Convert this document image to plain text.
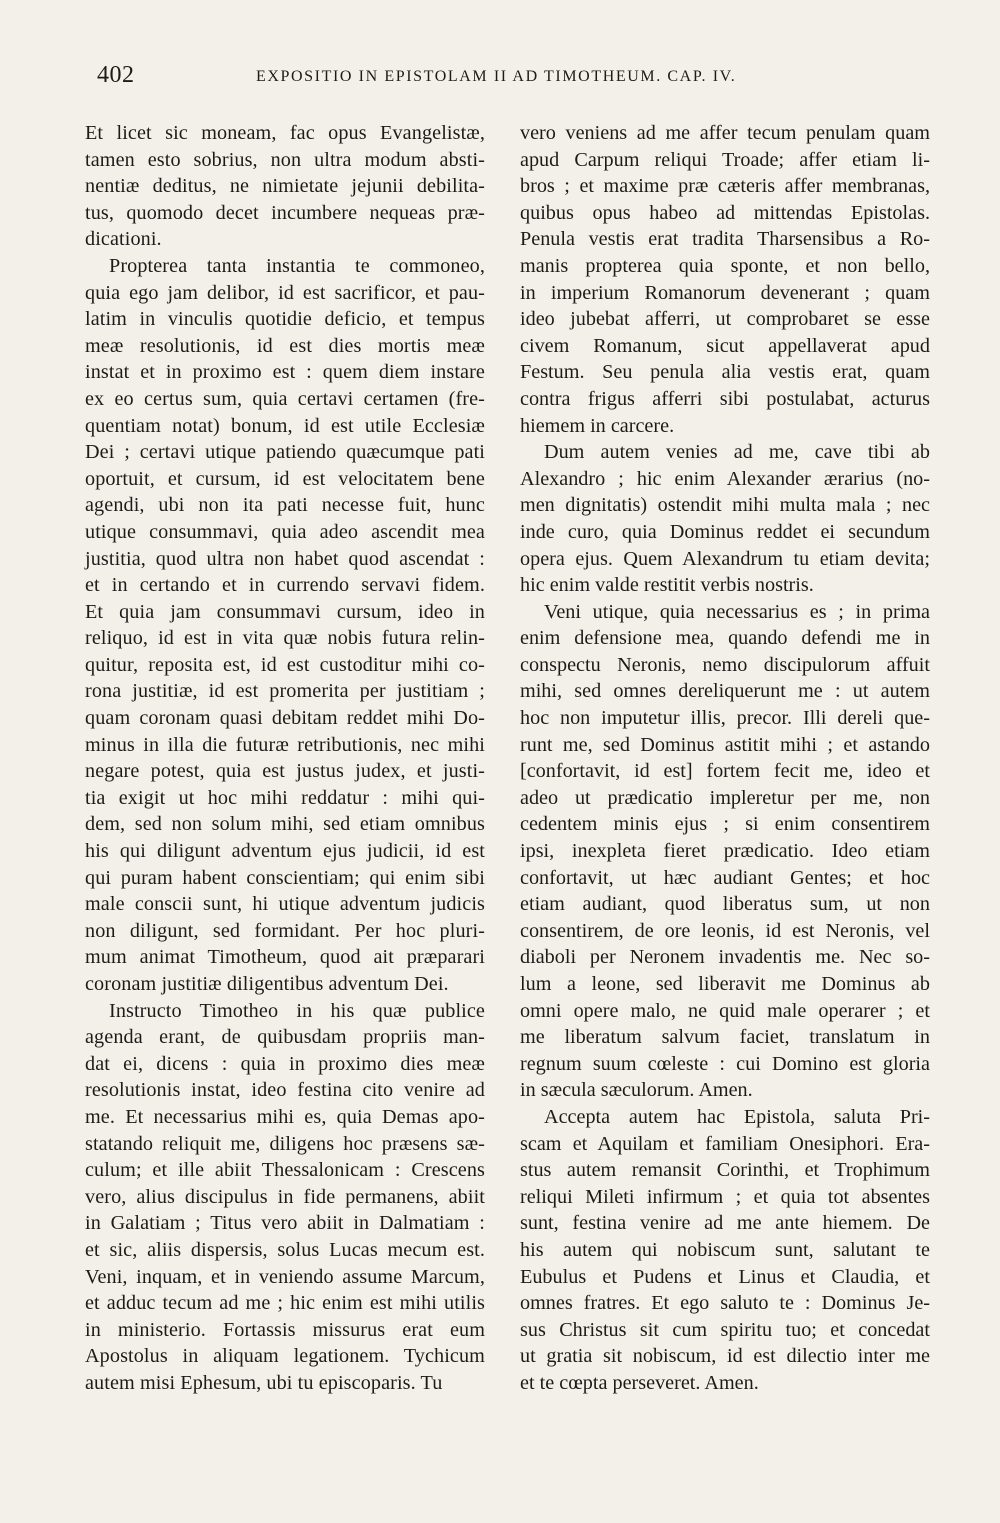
402	EXPOSITIO IN EPISTOLAM II AD TIMOTHEUM. CAP. IV.
Et licet sic moneam, fac opus Evangelistæ,
tamen esto sobrius, non ultra modum absti-
nentiæ deditus, ne nimietate jejunii debilita-
tus, quomodo decet incumbere nequeas præ-
dicationi.
Propterea tanta instantia te commoneo,
quia ego jam delibor, id est sacrificor, et pau-
latim in vinculis quotidie deficio, et tempus
meæ resolutionis, id est dies mortis meæ
instat et in proximo est : quem diem instare
ex eo certus sum, quia certavi certamen (fre-
quentiam notat) bonum, id est utile Ecclesiæ
Dei ; certavi utique patiendo quæcumque pati
oportuit, et cursum, id est velocitatem bene
agendi, ubi non ita pati necesse fuit, hunc
utique consummavi, quia adeo ascendit mea
justitia, quod ultra non habet quod ascendat :
et in certando et in currendo servavi fidem.
Et quia jam consummavi cursum, ideo in
reliquo, id est in vita quæ nobis futura relin-
quitur, reposita est, id est custoditur mihi co-
rona justitiæ, id est promerita per justitiam ;
quam coronam quasi debitam reddet mihi Do-
minus in illa die futuræ retributionis, nec mihi
negare potest, quia est justus judex, et justi-
tia exigit ut hoc mihi reddatur : mihi qui-
dem, sed non solum mihi, sed etiam omnibus
his qui diligunt adventum ejus judicii, id est
qui puram habent conscientiam; qui enim sibi
male conscii sunt, hi utique adventum judicis
non diligunt, sed formidant. Per hoc pluri-
mum animat Timotheum, quod ait præparari
coronam justitiæ diligentibus adventum Dei.
Instructo Timotheo in his quæ publice
agenda erant, de quibusdam propriis man-
dat ei, dicens : quia in proximo dies meæ
resolutionis instat, ideo festina cito venire ad
me. Et necessarius mihi es, quia Demas apo-
statando reliquit me, diligens hoc præsens sæ-
culum; et ille abiit Thessalonicam : Crescens
vero, alius discipulus in fide permanens, abiit
in Galatiam ; Titus vero abiit in Dalmatiam :
et sic, aliis dispersis, solus Lucas mecum est.
Veni, inquam, et in veniendo assume Marcum,
et adduc tecum ad me ; hic enim est mihi utilis
in ministerio. Fortassis missurus erat eum
Apostolus in aliquam legationem. Tychicum
autem misi Ephesum, ubi tu episcoparis. Tu
vero veniens ad me affer tecum penulam quam
apud Carpum reliqui Troade; affer etiam li-
bros ; et maxime præ cæteris affer membranas,
quibus opus habeo ad mittendas Epistolas.
Penula vestis erat tradita Tharsensibus a Ro-
manis propterea quia sponte, et non bello,
in imperium Romanorum devenerant ; quam
ideo jubebat afferri, ut comprobaret se esse
civem Romanum, sicut appellaverat apud
Festum. Seu penula alia vestis erat, quam
contra frigus afferri sibi postulabat, acturus
hiemem in carcere.
Dum autem venies ad me, cave tibi ab
Alexandro ; hic enim Alexander ærarius (no-
men dignitatis) ostendit mihi multa mala ; nec
inde curo, quia Dominus reddet ei secundum
opera ejus. Quem Alexandrum tu etiam devita;
hic enim valde restitit verbis nostris.
Veni utique, quia necessarius es ; in prima
enim defensione mea, quando defendi me in
conspectu Neronis, nemo discipulorum affuit
mihi, sed omnes dereliquerunt me : ut autem
hoc non imputetur illis, precor. Illi dereli que-
runt me, sed Dominus astitit mihi ; et astando
[confortavit, id est] fortem fecit me, ideo et
adeo ut prædicatio impleretur per me, non
cedentem minis ejus ; si enim consentirem
ipsi, inexpleta fieret prædicatio. Ideo etiam
confortavit, ut hæc audiant Gentes; et hoc
etiam audiant, quod liberatus sum, ut non
consentirem, de ore leonis, id est Neronis, vel
diaboli per Neronem invadentis me. Nec so-
lum a leone, sed liberavit me Dominus ab
omni opere malo, ne quid male operarer ; et
me liberatum salvum faciet, translatum in
regnum suum cœleste : cui Domino est gloria
in sæcula sæculorum. Amen.
Accepta autem hac Epistola, saluta Pri-
scam et Aquilam et familiam Onesiphori. Era-
stus autem remansit Corinthi, et Trophimum
reliqui Mileti infirmum ; et quia tot absentes
sunt, festina venire ad me ante hiemem. De
his autem qui nobiscum sunt, salutant te
Eubulus et Pudens et Linus et Claudia, et
omnes fratres. Et ego saluto te : Dominus Je-
sus Christus sit cum spiritu tuo; et concedat
ut gratia sit nobiscum, id est dilectio inter me
et te cœpta perseveret. Amen.
